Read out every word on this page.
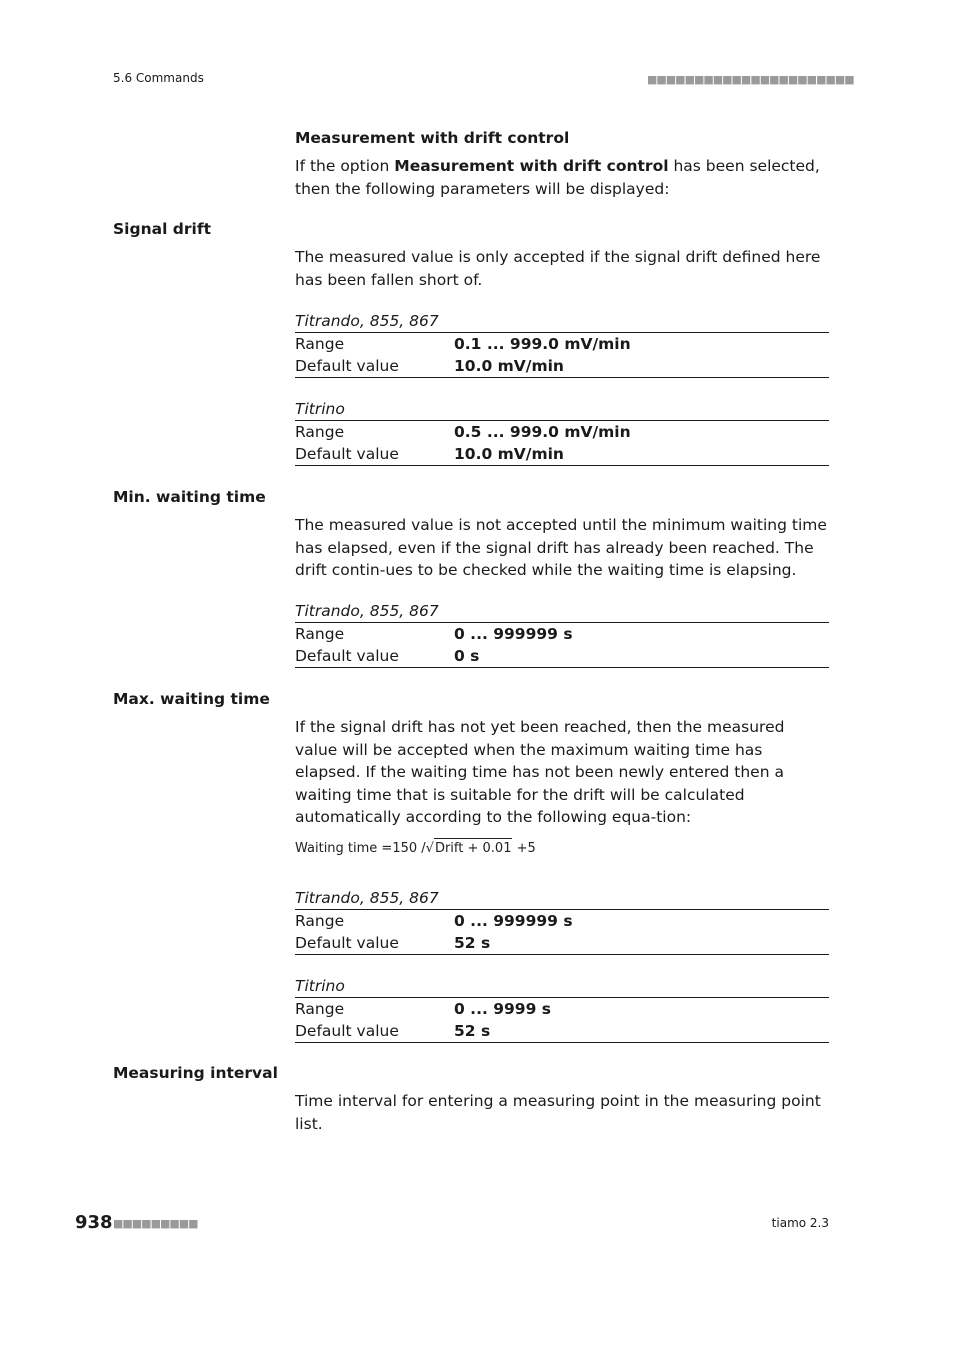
5.6 Commands	■■■■■■■■■■■■■■■■■■■■■■
Measurement with drift control
If the option Measurement with drift control has been selected, then the following parameters will be displayed:
Signal drift
The measured value is only accepted if the signal drift defined here has been fallen short of.
Titrando, 855, 867
Range	0.1 ... 999.0 mV/min
Default value	10.0 mV/min
Titrino
Range	0.5 ... 999.0 mV/min
Default value	10.0 mV/min
Min. waiting time
The measured value is not accepted until the minimum waiting time has elapsed, even if the signal drift has already been reached. The drift contin-ues to be checked while the waiting time is elapsing.
Titrando, 855, 867
Range	0 ... 999999 s
Default value	0 s
Max. waiting time
If the signal drift has not yet been reached, then the measured value will be accepted when the maximum waiting time has elapsed. If the waiting time has not been newly entered then a waiting time that is suitable for the drift will be calculated automatically according to the following equa-tion:
Waiting time =150 /√Drift + 0.01 +5
Titrando, 855, 867
Range	0 ... 999999 s
Default value	52 s
Titrino
Range	0 ... 9999 s
Default value	52 s
Measuring interval
Time interval for entering a measuring point in the measuring point list.
938 ■■■■■■■■■	tiamo 2.3
